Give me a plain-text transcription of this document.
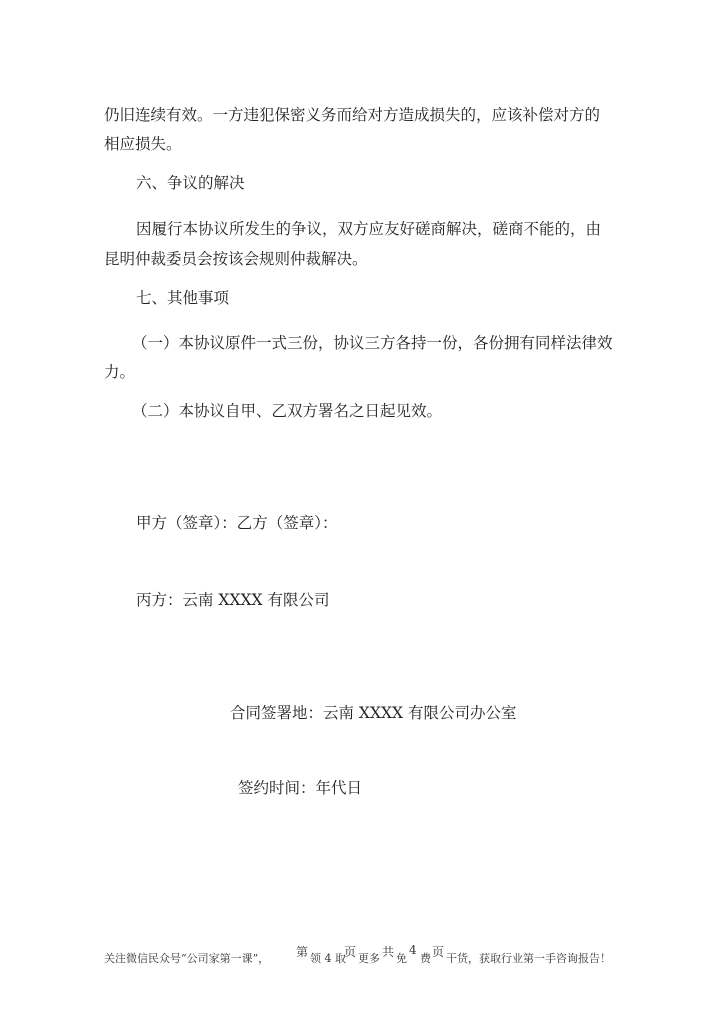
仍旧连续有效。一方违犯保密义务而给对方造成损失的，应该补偿对方的
相应损失。
六、争议的解决
因履行本协议所发生的争议，双方应友好磋商解决，磋商不能的，由
昆明仲裁委员会按该会规则仲裁解决。
七、其他事项
（一）本协议原件一式三份，协议三方各持一份，各份拥有同样法律效
力。
（二）本协议自甲、乙双方署名之日起见效。
甲方（签章）：乙方（签章）：
丙方：云南 XXXX 有限公司
合同签署地：云南 XXXX 有限公司办公室
签约时间：年代日
关注微信民众号“公司家第一课”， 第 领 4 取
页 更多 共 免
4
费 页 干货，获取行业第一手咨询报告！
